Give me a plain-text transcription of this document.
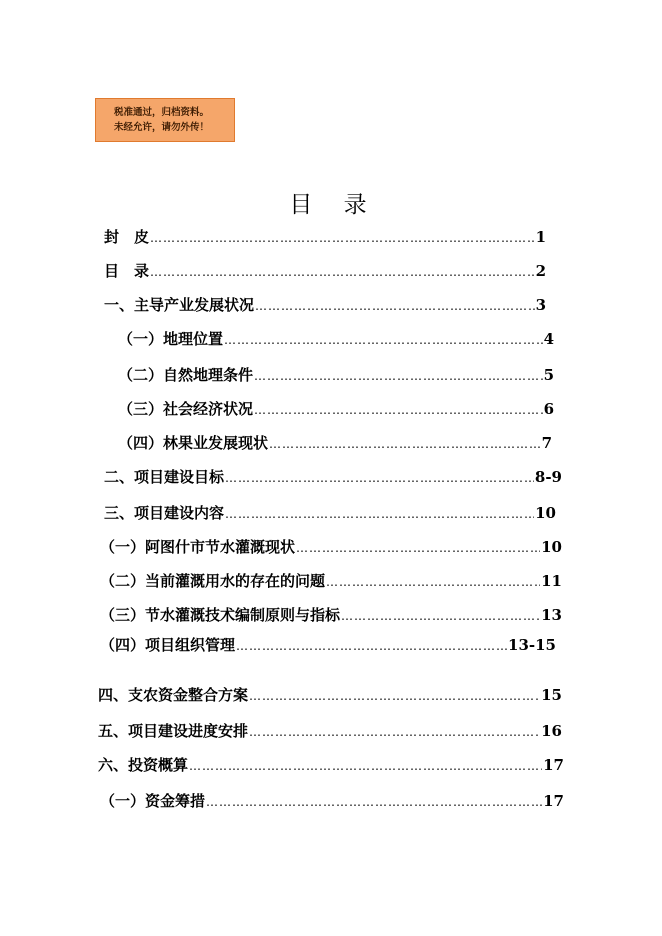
税准通过，归档资料。
未经允许，请勿外传！
目 录
封　皮 ………………………………………………………………………………………………………………………………………	1
目　录 ………………………………………………………………………………………………………………………………………	2
一、主导产业发展状况 ………………………………………………………………………………………………………………………………………	3
（一）地理位置 ………………………………………………………………………………………………………………………………………	4
（二）自然地理条件 ………………………………………………………………………………………………………………………………………	5
（三）社会经济状况 ………………………………………………………………………………………………………………………………………	6
（四）林果业发展现状 ………………………………………………………………………………………………………………………………………	7
二、项目建设目标 ………………………………………………………………………………………………………………………………………	8-9
三、项目建设内容 ………………………………………………………………………………………………………………………………………	10
（一）阿图什市节水灌溉现状 ………………………………………………………………………………………………………………………………………	10
（二）当前灌溉用水的存在的问题 ………………………………………………………………………………………………………………………………………	11
（三）节水灌溉技术编制原则与指标 ………………………………………………………………………………………………………………………………………	13
（四）项目组织管理 ………………………………………………………………………………………………………………………………………	13-15
四、支农资金整合方案 ………………………………………………………………………………………………………………………………………	15
五、项目建设进度安排 ………………………………………………………………………………………………………………………………………	16
六、投资概算 ………………………………………………………………………………………………………………………………………	17
（一）资金筹措 ………………………………………………………………………………………………………………………………………	17
